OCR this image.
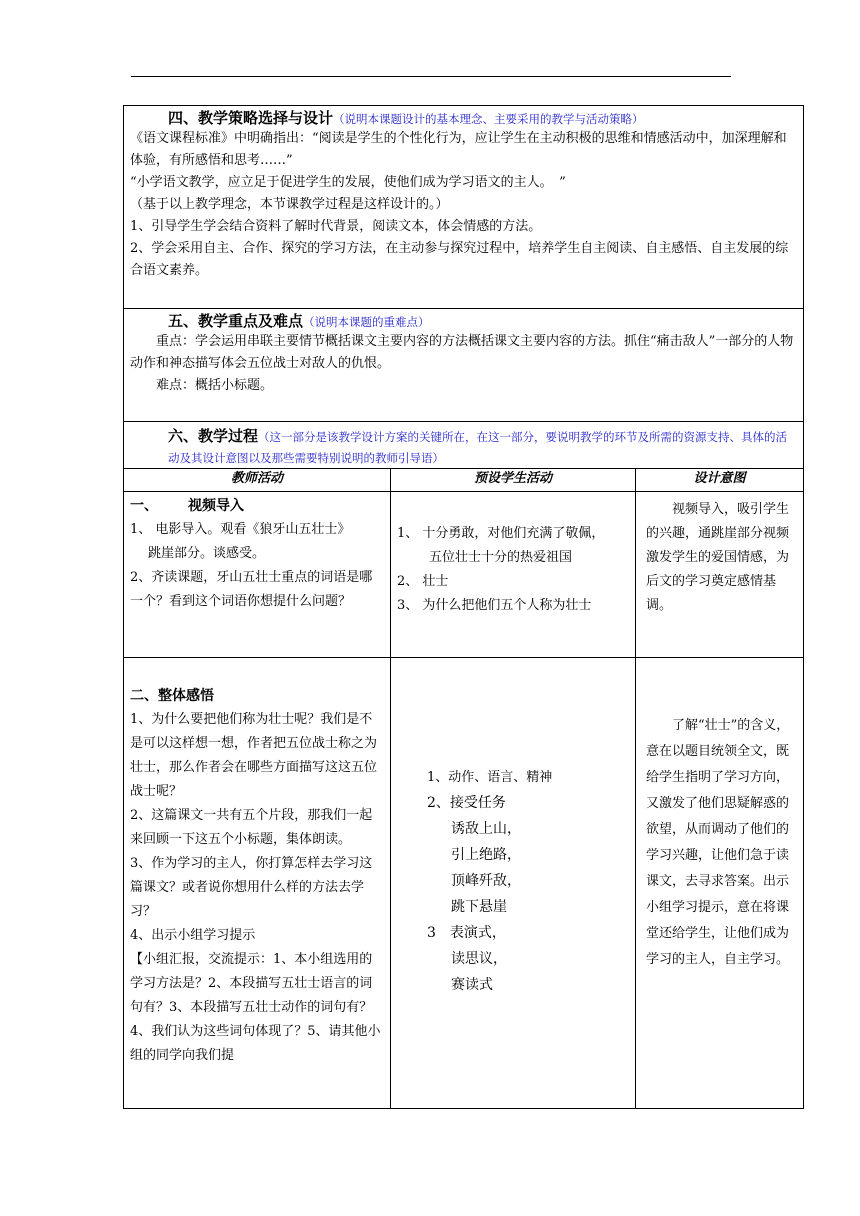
四、教学策略选择与设计（说明本课题设计的基本理念、主要采用的教学与活动策略）

《语文课程标准》中明确指出：“阅读是学生的个性化行为，应让学生在主动积极的思维和情感活动中，加深理解和体验，有所感悟和思考……”

“小学语文教学，应立足于促进学生的发展，使他们成为学习语文的主人。　”

（基于以上教学理念，本节课教学过程是这样设计的。）

1、引导学生学会结合资料了解时代背景，阅读文本，体会情感的方法。

2、学会采用自主、合作、探究的学习方法，在主动参与探究过程中，培养学生自主阅读、自主感悟、自主发展的综合语文素养。

五、教学重点及难点（说明本课题的重难点）

重点：学会运用串联主要情节概括课文主要内容的方法概括课文主要内容的方法。抓住“痛击敌人”一部分的人物动作和神态描写体会五位战士对敌人的仇恨。

难点：概括小标题。

六、教学过程（这一部分是该教学设计方案的关键所在，在这一部分，要说明教学的环节及所需的资源支持、具体的活动及其设计意图以及那些需要特别说明的教师引导语）
教师活动	预设学生活动	设计意图
一、 视频导入

1、 电影导入。观看《狼牙山五壮士》

跳崖部分。谈感受。

2、齐读课题，牙山五壮士重点的词语是哪一个？看到这个词语你想提什么问题？

1、 十分勇敢，对他们充满了敬佩，

五位壮士十分的热爱祖国

2、 壮士

3、 为什么把他们五个人称为壮士

视频导入，吸引学生的兴趣，通跳崖部分视频激发学生的爱国情感，为后文的学习奠定感情基调。

二、整体感悟

1、为什么要把他们称为壮士呢？我们是不是可以这样想一想，作者把五位战士称之为壮士，那么作者会在哪些方面描写这这五位战士呢？

2、这篇课文一共有五个片段，那我们一起来回顾一下这五个小标题，集体朗读。

3、作为学习的主人，你打算怎样去学习这篇课文？或者说你想用什么样的方法去学习？

4、出示小组学习提示

【小组汇报，交流提示：1、本小组选用的学习方法是？2、本段描写五壮士语言的词句有？3、本段描写五壮士动作的词句有？4、我们认为这些词句体现了？5、请其他小组的同学向我们提

1、动作、语言、精神

2、接受任务

诱敌上山，

引上绝路，

顶峰歼敌，

跳下悬崖

3　表演式，

读思议，

赛读式

了解“壮士”的含义，意在以题目统领全文，既给学生指明了学习方向，又激发了他们思疑解惑的欲望，从而调动了他们的学习兴趣，让他们急于读课文，去寻求答案。出示小组学习提示，意在将课堂还给学生，让他们成为学习的主人，自主学习。
